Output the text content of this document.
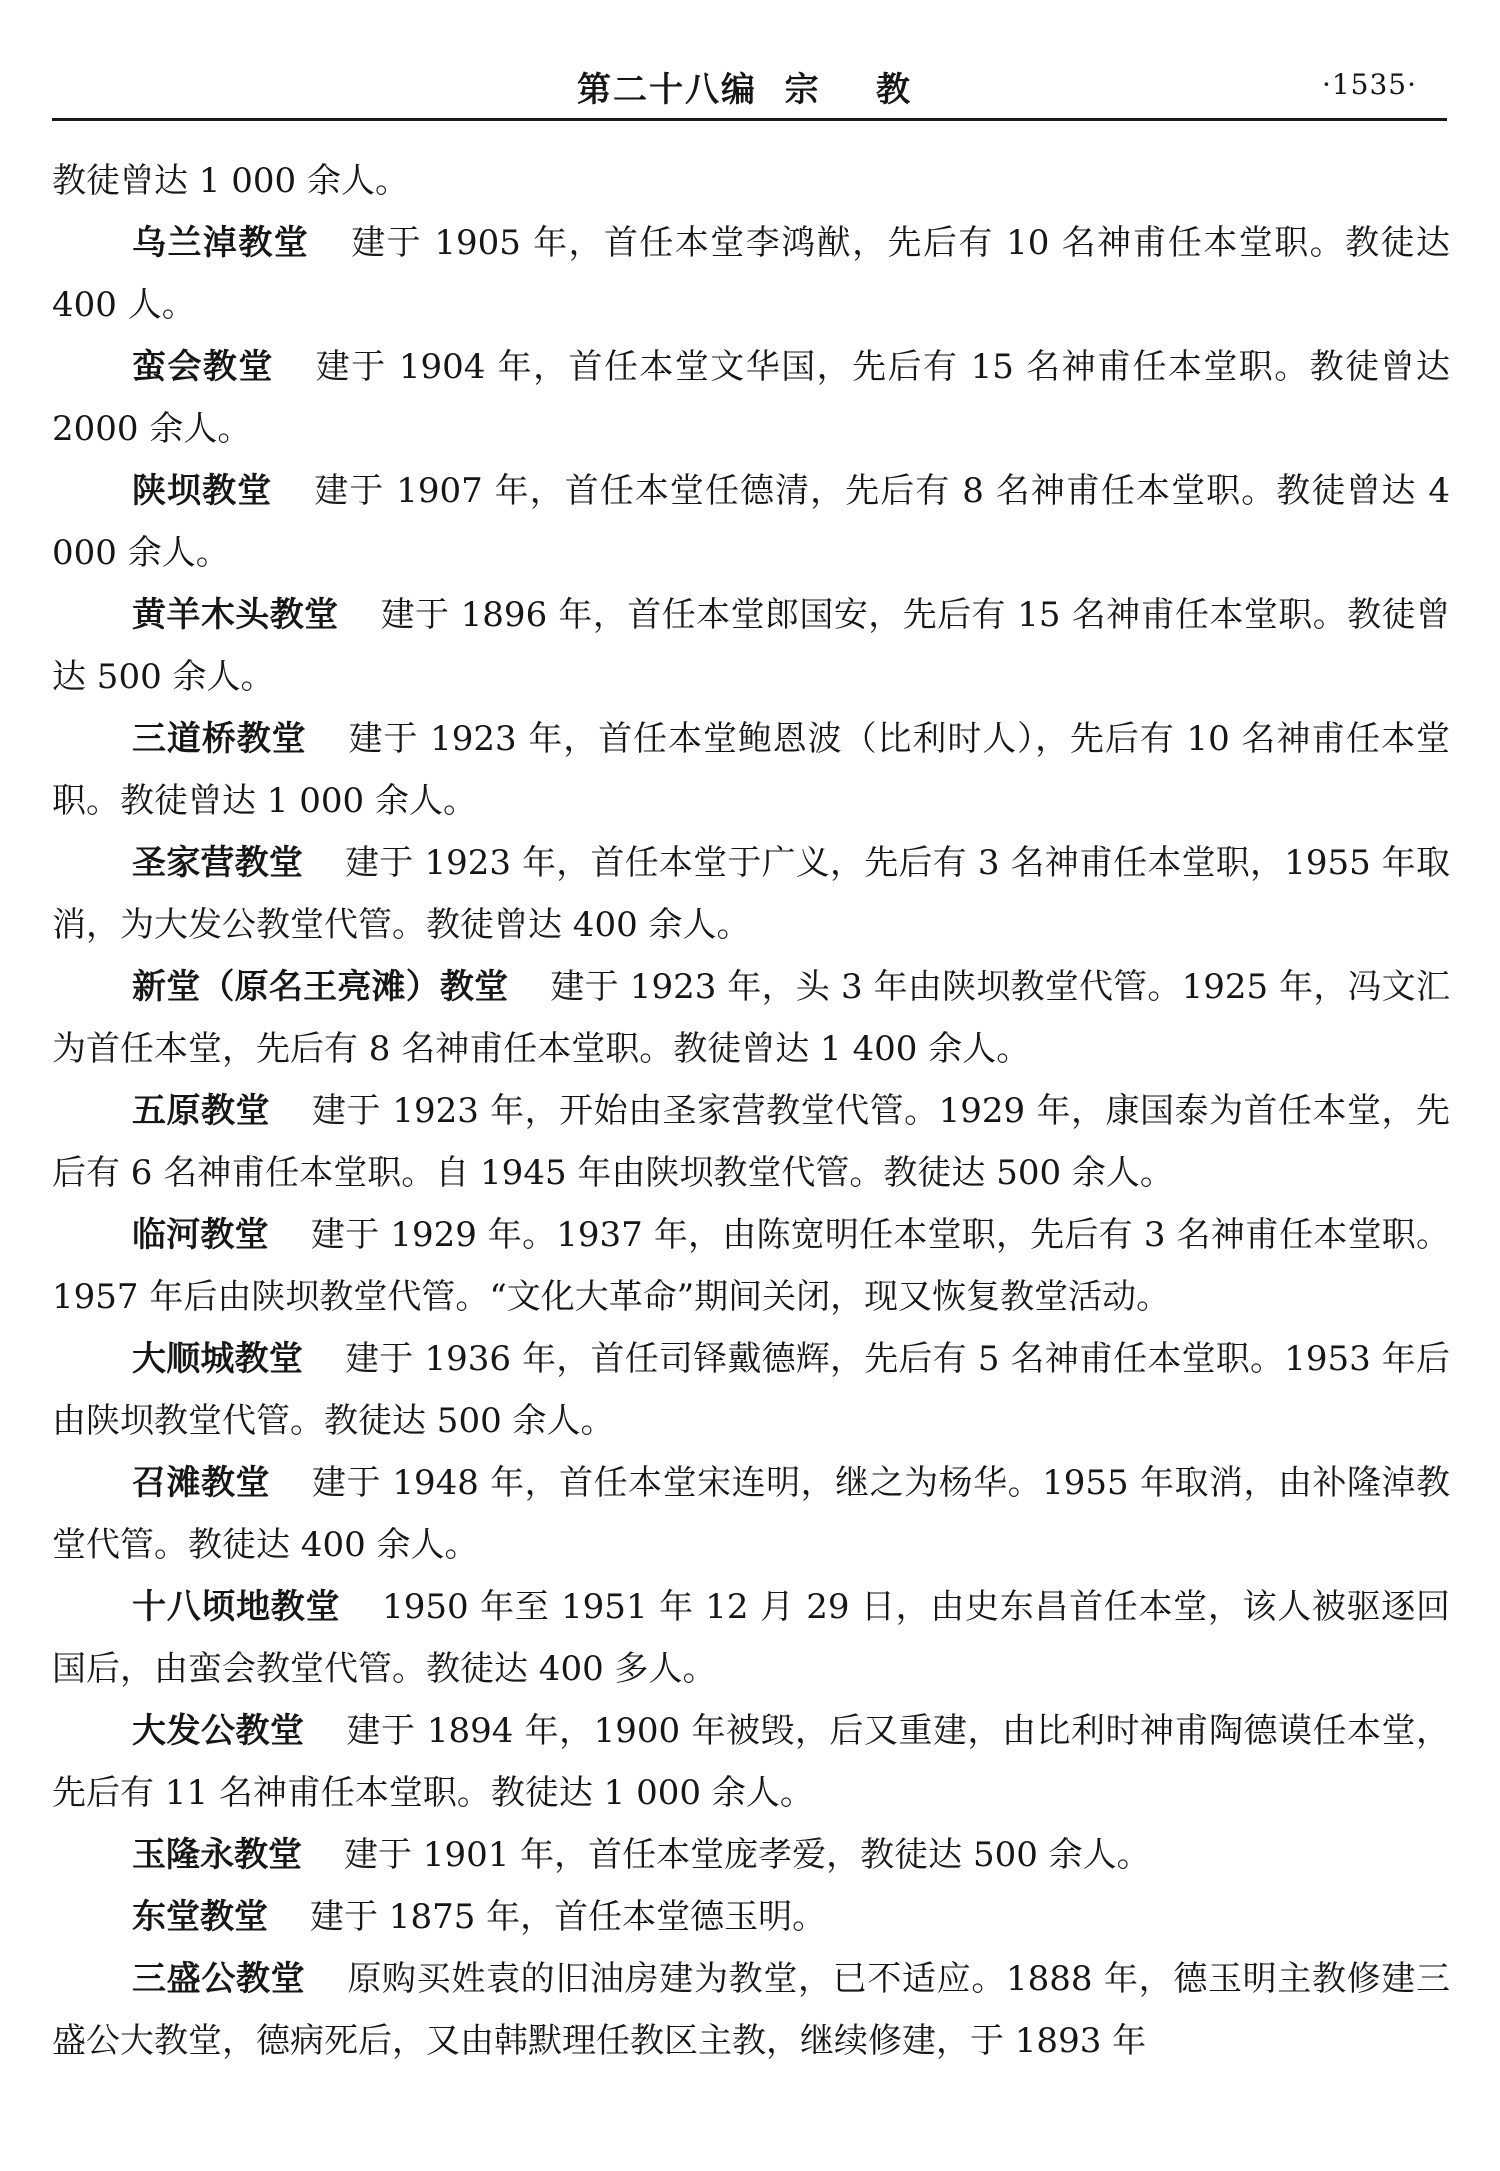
第二十八编  宗    教	·1535·

教徒曾达 1 000 余人。

乌兰淖教堂 建于 1905 年，首任本堂李鸿猷，先后有 10 名神甫任本堂职。教徒达 400 人。

蛮会教堂 建于 1904 年，首任本堂文华国，先后有 15 名神甫任本堂职。教徒曾达 2000 余人。

陕坝教堂 建于 1907 年，首任本堂任德清，先后有 8 名神甫任本堂职。教徒曾达 4 000 余人。

黄羊木头教堂 建于 1896 年，首任本堂郎国安，先后有 15 名神甫任本堂职。教徒曾达 500 余人。

三道桥教堂 建于 1923 年，首任本堂鲍恩波（比利时人），先后有 10 名神甫任本堂职。教徒曾达 1 000 余人。

圣家营教堂 建于 1923 年，首任本堂于广义，先后有 3 名神甫任本堂职，1955 年取消，为大发公教堂代管。教徒曾达 400 余人。

新堂（原名王亮滩）教堂 建于 1923 年，头 3 年由陕坝教堂代管。1925 年，冯文汇为首任本堂，先后有 8 名神甫任本堂职。教徒曾达 1 400 余人。

五原教堂 建于 1923 年，开始由圣家营教堂代管。1929 年，康国泰为首任本堂，先后有 6 名神甫任本堂职。自 1945 年由陕坝教堂代管。教徒达 500 余人。

临河教堂 建于 1929 年。1937 年，由陈宽明任本堂职，先后有 3 名神甫任本堂职。1957 年后由陕坝教堂代管。“文化大革命”期间关闭，现又恢复教堂活动。

大顺城教堂 建于 1936 年，首任司铎戴德辉，先后有 5 名神甫任本堂职。1953 年后由陕坝教堂代管。教徒达 500 余人。

召滩教堂 建于 1948 年，首任本堂宋连明，继之为杨华。1955 年取消，由补隆淖教堂代管。教徒达 400 余人。

十八顷地教堂 1950 年至 1951 年 12 月 29 日，由史东昌首任本堂，该人被驱逐回国后，由蛮会教堂代管。教徒达 400 多人。

大发公教堂 建于 1894 年，1900 年被毁，后又重建，由比利时神甫陶德谟任本堂，先后有 11 名神甫任本堂职。教徒达 1 000 余人。

玉隆永教堂 建于 1901 年，首任本堂庞孝爱，教徒达 500 余人。

东堂教堂 建于 1875 年，首任本堂德玉明。

三盛公教堂 原购买姓袁的旧油房建为教堂，已不适应。1888 年，德玉明主教修建三盛公大教堂，德病死后，又由韩默理任教区主教，继续修建，于 1893 年
